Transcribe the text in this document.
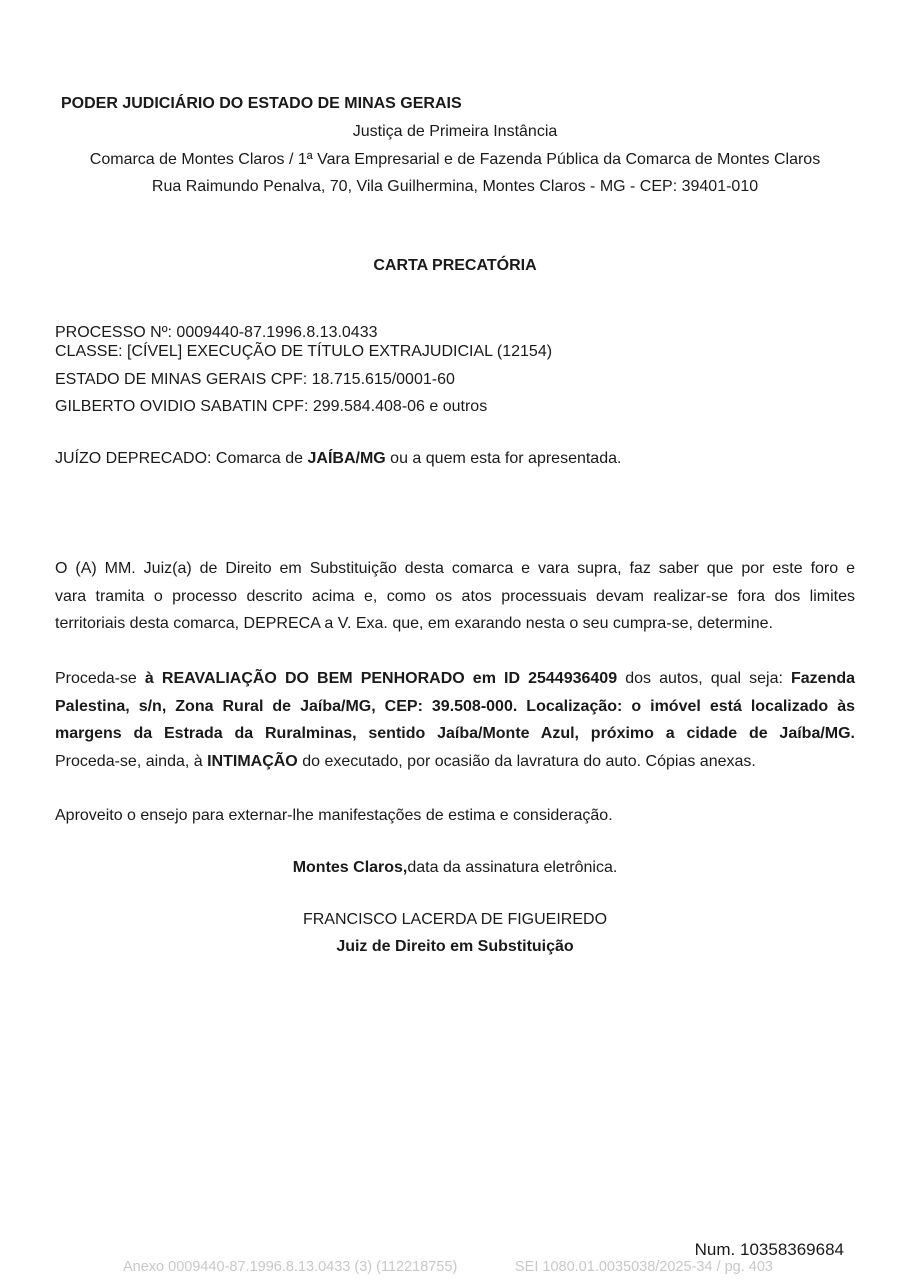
PODER JUDICIÁRIO DO ESTADO DE MINAS GERAIS
Justiça de Primeira Instância
Comarca de Montes Claros / 1ª Vara Empresarial e de Fazenda Pública da Comarca de Montes Claros
Rua Raimundo Penalva, 70, Vila Guilhermina, Montes Claros - MG - CEP: 39401-010
CARTA PRECATÓRIA
PROCESSO Nº: 0009440-87.1996.8.13.0433
CLASSE: [CÍVEL] EXECUÇÃO DE TÍTULO EXTRAJUDICIAL (12154)
ESTADO DE MINAS GERAIS CPF: 18.715.615/0001-60
GILBERTO OVIDIO SABATIN CPF: 299.584.408-06 e outros
JUÍZO DEPRECADO: Comarca de JAÍBA/MG ou a quem esta for apresentada.
O (A) MM. Juiz(a) de Direito em Substituição desta comarca e vara supra, faz saber que por este foro e
vara tramita o processo descrito acima e, como os atos processuais devam realizar-se fora dos limites
territoriais desta comarca, DEPRECA a V. Exa. que, em exarando nesta o seu cumpra-se, determine.
Proceda-se à REAVALIAÇÃO DO BEM PENHORADO em ID 2544936409 dos autos, qual seja: Fazenda
Palestina, s/n, Zona Rural de Jaíba/MG, CEP: 39.508-000. Localização: o imóvel está localizado às
margens da Estrada da Ruralminas, sentido Jaíba/Monte Azul, próximo a cidade de Jaíba/MG.
Proceda-se, ainda, à INTIMAÇÃO do executado, por ocasião da lavratura do auto. Cópias anexas.
Aproveito o ensejo para externar-lhe manifestações de estima e consideração.
Montes Claros,data da assinatura eletrônica.
FRANCISCO LACERDA DE FIGUEIREDO
Juiz de Direito em Substituição
Num. 10358369684
Anexo 0009440-87.1996.8.13.0433 (3) (112218755)	SEI 1080.01.0035038/2025-34 / pg. 403
